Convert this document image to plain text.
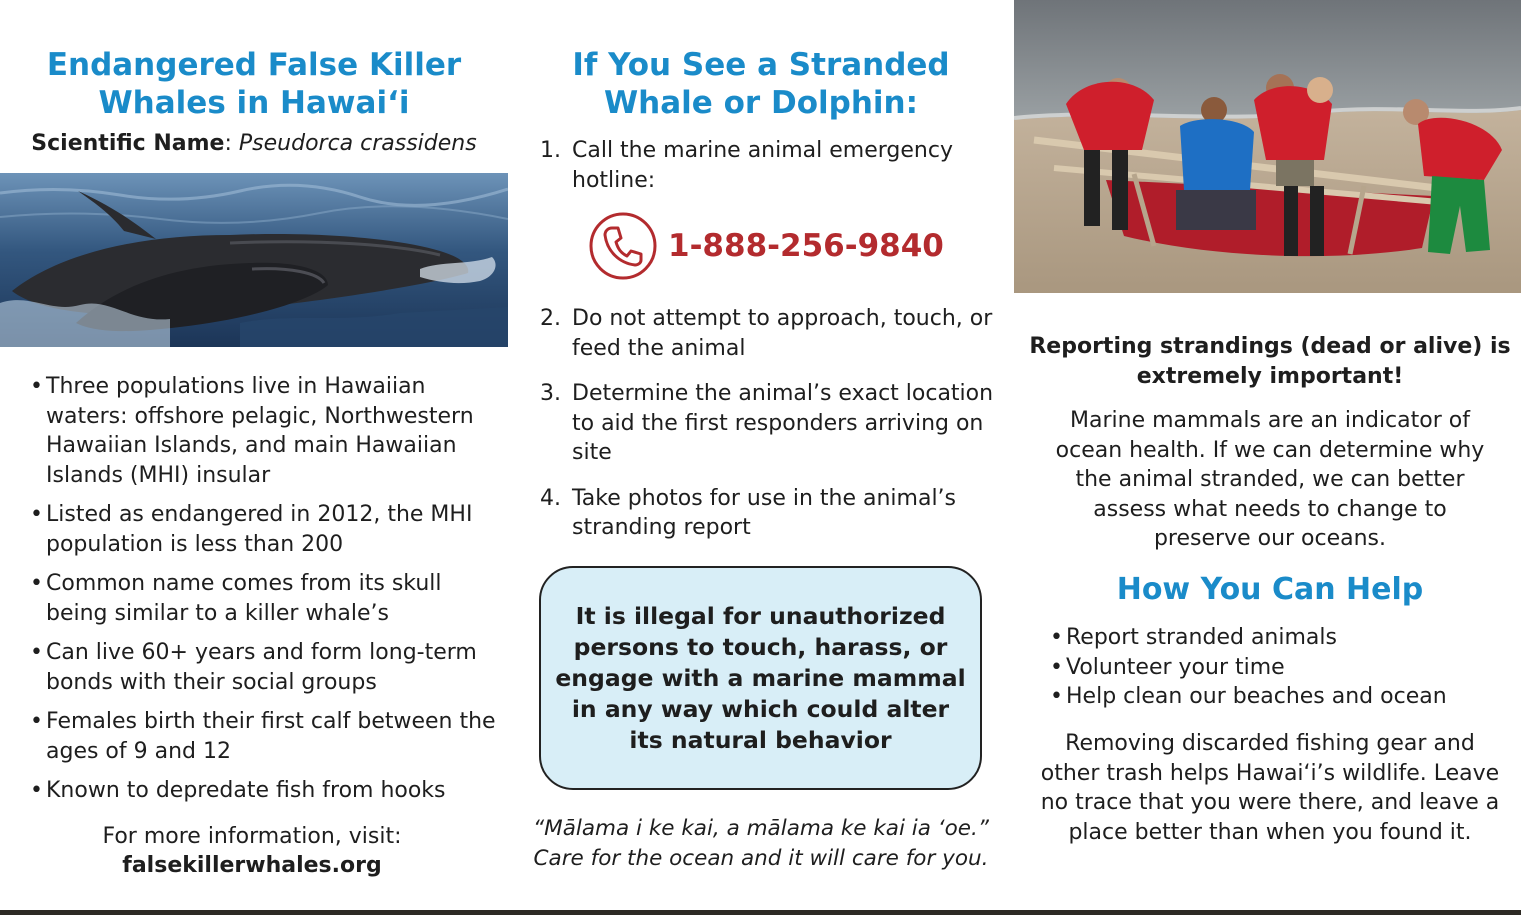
Endangered False Killer
Whales in Hawai‘i
Scientific Name: Pseudorca crassidens
• Three populations live in Hawaiian waters: offshore pelagic, Northwestern Hawaiian Islands, and main Hawaiian Islands (MHI) insular
• Listed as endangered in 2012, the MHI population is less than 200
• Common name comes from its skull being similar to a killer whale’s
• Can live 60+ years and form long-term bonds with their social groups
• Females birth their first calf between the ages of 9 and 12
• Known to depredate fish from hooks
For more information, visit:
falsekillerwhales.org
If You See a Stranded
Whale or Dolphin:
1. Call the marine animal emergency hotline:
1-888-256-9840
2. Do not attempt to approach, touch, or feed the animal
3. Determine the animal’s exact location to aid the first responders arriving on site
4. Take photos for use in the animal’s stranding report

It is illegal for unauthorized persons to touch, harass, or engage with a marine mammal in any way which could alter its natural behavior

“Mālama i ke kai, a mālama ke kai ia ‘oe.”
Care for the ocean and it will care for you.
Reporting strandings (dead or alive) is extremely important!
Marine mammals are an indicator of ocean health. If we can determine why the animal stranded, we can better assess what needs to change to preserve our oceans.
How You Can Help
• Report stranded animals
• Volunteer your time
• Help clean our beaches and ocean
Removing discarded fishing gear and other trash helps Hawai‘i’s wildlife. Leave no trace that you were there, and leave a place better than when you found it.
